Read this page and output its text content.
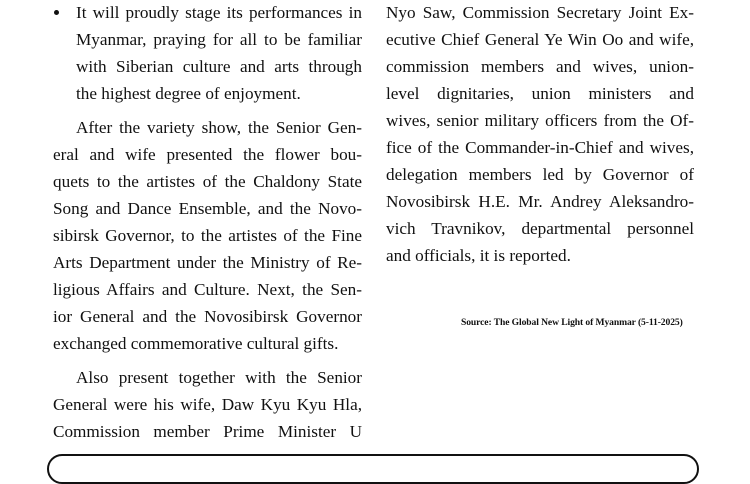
It will proudly stage its performances in
Myanmar, praying for all to be familiar
with Siberian culture and arts through
the highest degree of enjoyment.
After the variety show, the Senior Gen-
eral and wife presented the flower bou-
quets to the artistes of the Chaldony State
Song and Dance Ensemble, and the Novo-
sibirsk Governor, to the artistes of the Fine
Arts Department under the Ministry of Re-
ligious Affairs and Culture. Next, the Sen-
ior General and the Novosibirsk Governor
exchanged commemorative cultural gifts.
Also present together with the Senior
General were his wife, Daw Kyu Kyu Hla,
Commission member Prime Minister U
Nyo Saw, Commission Secretary Joint Ex-
ecutive Chief General Ye Win Oo and wife,
commission members and wives, union-
level dignitaries, union ministers and
wives, senior military officers from the Of-
fice of the Commander-in-Chief and wives,
delegation members led by Governor of
Novosibirsk H.E. Mr. Andrey Aleksandro-
vich Travnikov, departmental personnel
and officials, it is reported.
Source: The Global New Light of Myanmar (5-11-2025)
